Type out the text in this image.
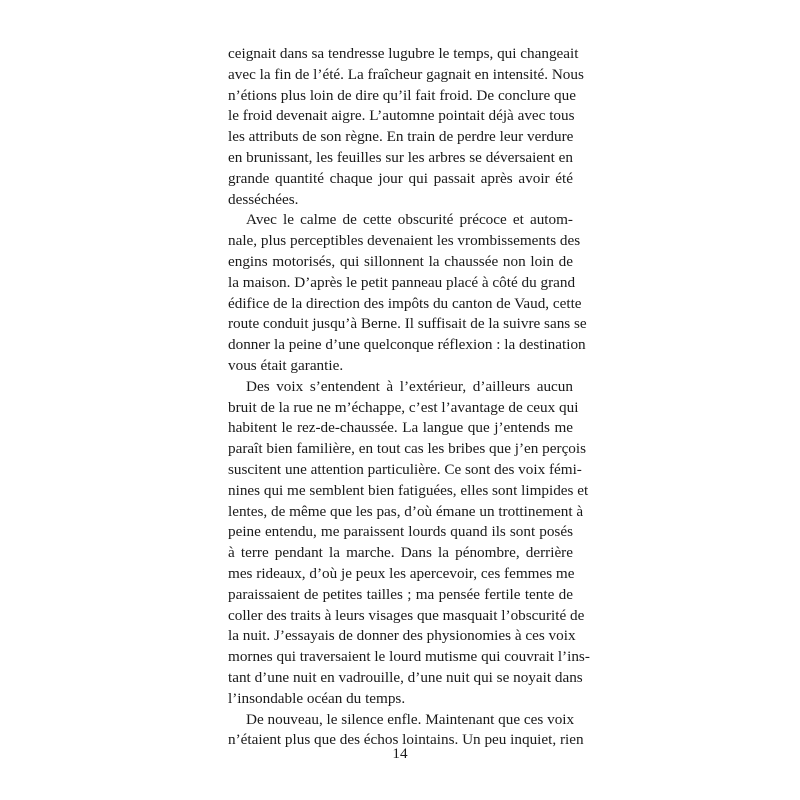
ceignait dans sa tendresse lugubre le temps, qui changeait
avec la fin de l’été. La fraîcheur gagnait en intensité. Nous
n’étions plus loin de dire qu’il fait froid. De conclure que
le froid devenait aigre. L’automne pointait déjà avec tous
les attributs de son règne. En train de perdre leur verdure
en brunissant, les feuilles sur les arbres se déversaient en
grande quantité chaque jour qui passait après avoir été
desséchées.

Avec le calme de cette obscurité précoce et autom-
nale, plus perceptibles devenaient les vrombissements des
engins motorisés, qui sillonnent la chaussée non loin de
la maison. D’après le petit panneau placé à côté du grand
édifice de la direction des impôts du canton de Vaud, cette
route conduit jusqu’à Berne. Il suffisait de la suivre sans se
donner la peine d’une quelconque réflexion : la destination
vous était garantie.

Des voix s’entendent à l’extérieur, d’ailleurs aucun
bruit de la rue ne m’échappe, c’est l’avantage de ceux qui
habitent le rez-de-chaussée. La langue que j’entends me
paraît bien familière, en tout cas les bribes que j’en perçois
suscitent une attention particulière. Ce sont des voix fémi-
nines qui me semblent bien fatiguées, elles sont limpides et
lentes, de même que les pas, d’où émane un trottinement à
peine entendu, me paraissent lourds quand ils sont posés
à terre pendant la marche. Dans la pénombre, derrière
mes rideaux, d’où je peux les apercevoir, ces femmes me
paraissaient de petites tailles ; ma pensée fertile tente de
coller des traits à leurs visages que masquait l’obscurité de
la nuit. J’essayais de donner des physionomies à ces voix
mornes qui traversaient le lourd mutisme qui couvrait l’ins-
tant d’une nuit en vadrouille, d’une nuit qui se noyait dans
l’insondable océan du temps.

De nouveau, le silence enfle. Maintenant que ces voix
n’étaient plus que des échos lointains. Un peu inquiet, rien

14
